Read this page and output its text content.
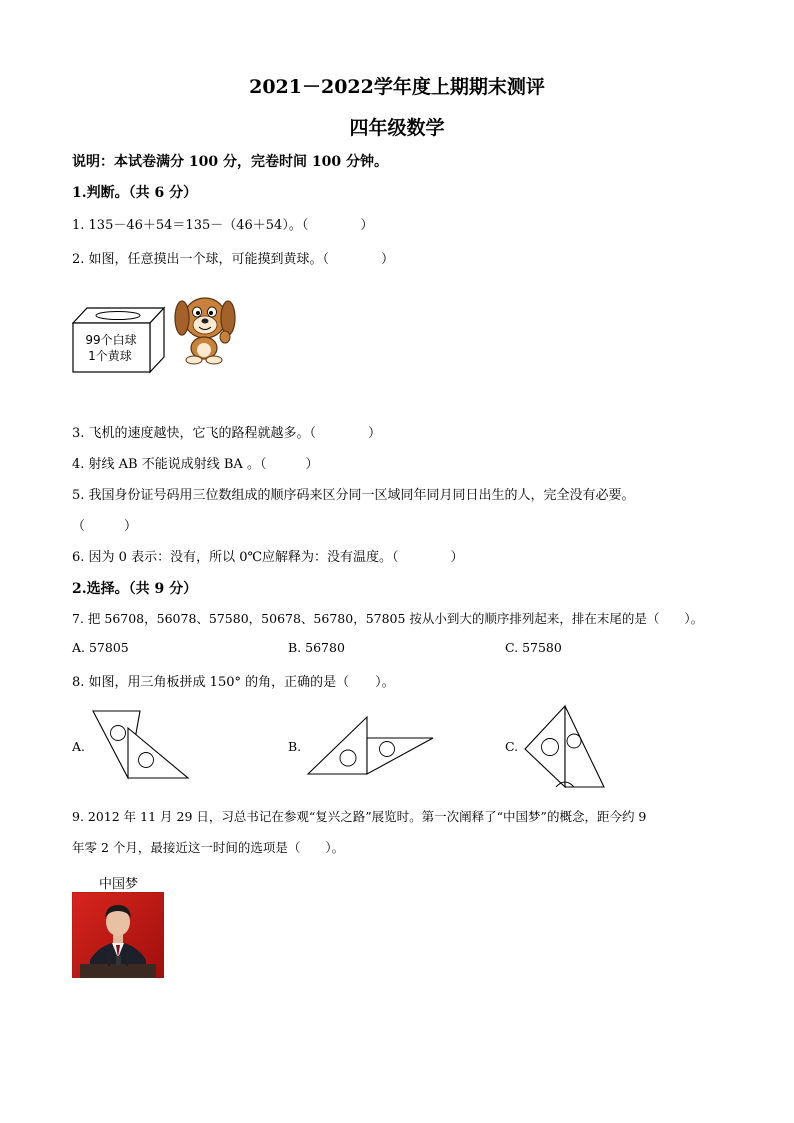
2021－2022学年度上期期末测评
四年级数学
说明：本试卷满分 100 分，完卷时间 100 分钟。
1.判断。（共 6 分）
1. 135－46＋54＝135－（46＋54）。（　　　　）
2. 如图，任意摸出一个球，可能摸到黄球。（　　　　）
99个白球
1个黄球
3. 飞机的速度越快，它飞的路程就越多。（　　　　）
4. 射线 AB 不能说成射线 BA 。（　　　）
5. 我国身份证号码用三位数组成的顺序码来区分同一区域同年同月同日出生的人，完全没有必要。
（　　　）
6. 因为 0 表示：没有，所以 0℃应解释为：没有温度。（　　　　）
2.选择。（共 9 分）
7. 把 56708，56078、57580，50678、56780，57805 按从小到大的顺序排列起来，排在末尾的是（　　）。
A. 57805	B. 56780	C. 57580
8. 如图，用三角板拼成 150° 的角，正确的是（　　）。
A.	B.	C.
9. 2012 年 11 月 29 日，习总书记在参观“复兴之路”展览时。第一次阐释了“中国梦”的概念，距今约 9
年零 2 个月，最接近这一时间的选项是（　　）。
中国梦
